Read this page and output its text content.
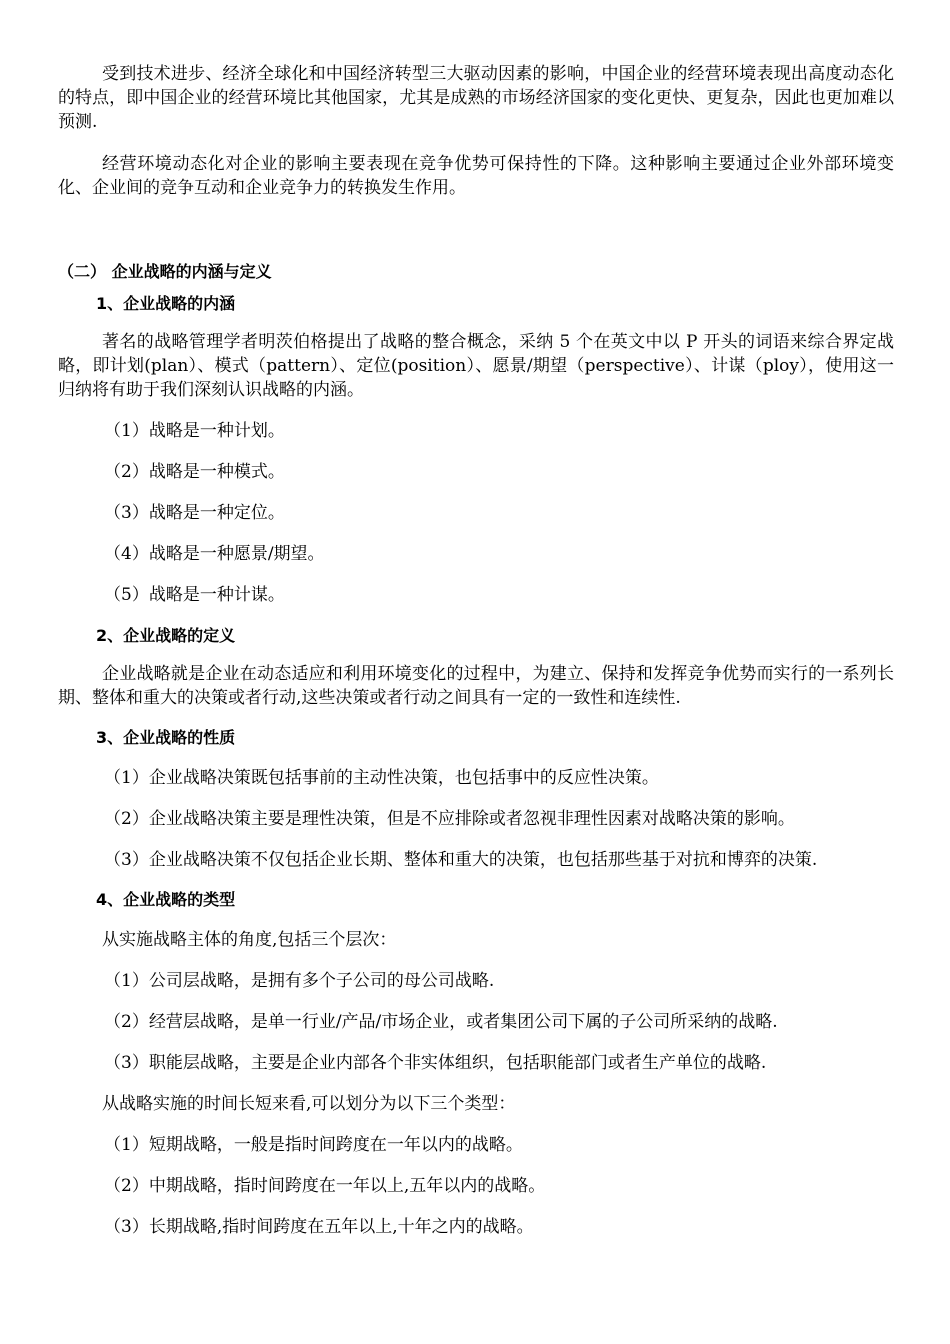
受到技术进步、经济全球化和中国经济转型三大驱动因素的影响，中国企业的经营环境表现出高度动态化的特点，即中国企业的经营环境比其他国家，尤其是成熟的市场经济国家的变化更快、更复杂，因此也更加难以预测.

经营环境动态化对企业的影响主要表现在竞争优势可保持性的下降。这种影响主要通过企业外部环境变化、企业间的竞争互动和企业竞争力的转换发生作用。

（二） 企业战略的内涵与定义
1、企业战略的内涵

著名的战略管理学者明茨伯格提出了战略的整合概念，采纳 5 个在英文中以 P 开头的词语来综合界定战略，即计划(plan）、模式（pattern）、定位(position）、愿景/期望（perspective）、计谋（ploy），使用这一归纳将有助于我们深刻认识战略的内涵。

（1）战略是一种计划。

（2）战略是一种模式。

（3）战略是一种定位。

（4）战略是一种愿景/期望。

（5）战略是一种计谋。

2、企业战略的定义

企业战略就是企业在动态适应和利用环境变化的过程中，为建立、保持和发挥竞争优势而实行的一系列长期、整体和重大的决策或者行动,这些决策或者行动之间具有一定的一致性和连续性.

3、企业战略的性质

（1）企业战略决策既包括事前的主动性决策，也包括事中的反应性决策。

（2）企业战略决策主要是理性决策，但是不应排除或者忽视非理性因素对战略决策的影响。

（3）企业战略决策不仅包括企业长期、整体和重大的决策，也包括那些基于对抗和博弈的决策.

4、企业战略的类型

从实施战略主体的角度,包括三个层次：

（1）公司层战略，是拥有多个子公司的母公司战略.

（2）经营层战略，是单一行业/产品/市场企业，或者集团公司下属的子公司所采纳的战略.

（3）职能层战略，主要是企业内部各个非实体组织，包括职能部门或者生产单位的战略.

从战略实施的时间长短来看,可以划分为以下三个类型：

（1）短期战略，一般是指时间跨度在一年以内的战略。

（2）中期战略，指时间跨度在一年以上,五年以内的战略。

（3）长期战略,指时间跨度在五年以上,十年之内的战略。
